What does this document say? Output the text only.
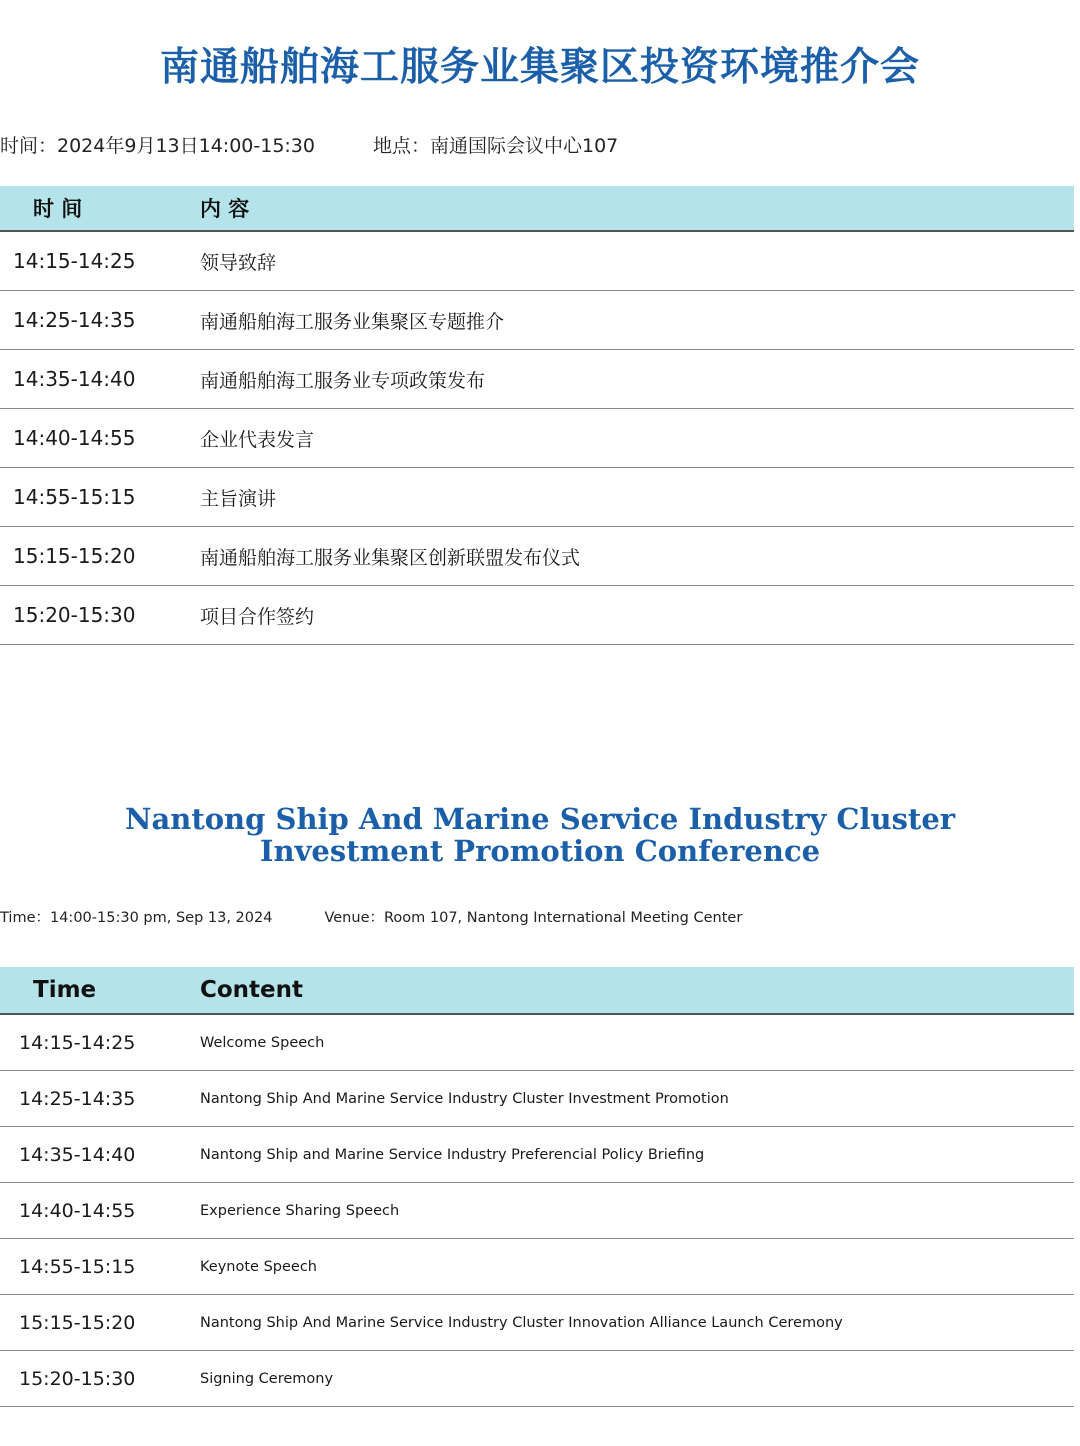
南通船舶海工服务业集聚区投资环境推介会
时间：2024年9月13日14:00-15:30	地点：南通国际会议中心107
时 间	内 容
14:15-14:25	领导致辞
14:25-14:35	南通船舶海工服务业集聚区专题推介
14:35-14:40	南通船舶海工服务业专项政策发布
14:40-14:55	企业代表发言
14:55-15:15	主旨演讲
15:15-15:20	南通船舶海工服务业集聚区创新联盟发布仪式
15:20-15:30	项目合作签约
Nantong Ship And Marine Service Industry Cluster
Investment Promotion Conference
Time：14:00-15:30 pm, Sep 13, 2024	Venue：Room 107, Nantong International Meeting Center
Time	Content
14:15-14:25	Welcome Speech
14:25-14:35	Nantong Ship And Marine Service Industry Cluster Investment Promotion
14:35-14:40	Nantong Ship and Marine Service Industry Preferencial Policy Briefing
14:40-14:55	Experience Sharing Speech
14:55-15:15	Keynote Speech
15:15-15:20	Nantong Ship And Marine Service Industry Cluster Innovation Alliance Launch Ceremony
15:20-15:30	Signing Ceremony
